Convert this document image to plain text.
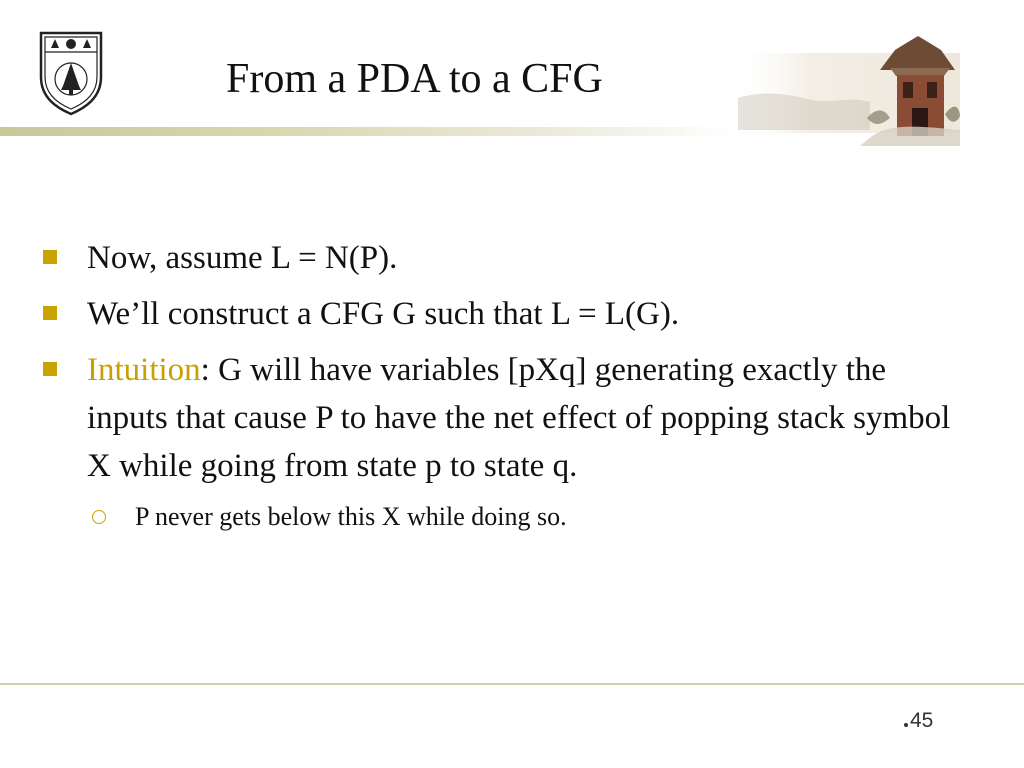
From a PDA to a CFG
Now, assume L = N(P).
We’ll construct a CFG G such that L = L(G).
Intuition: G will have variables [pXq] generating exactly the inputs that cause P to have the net effect of popping stack symbol X while going from state p to state q.
P never gets below this X while doing so.
45
